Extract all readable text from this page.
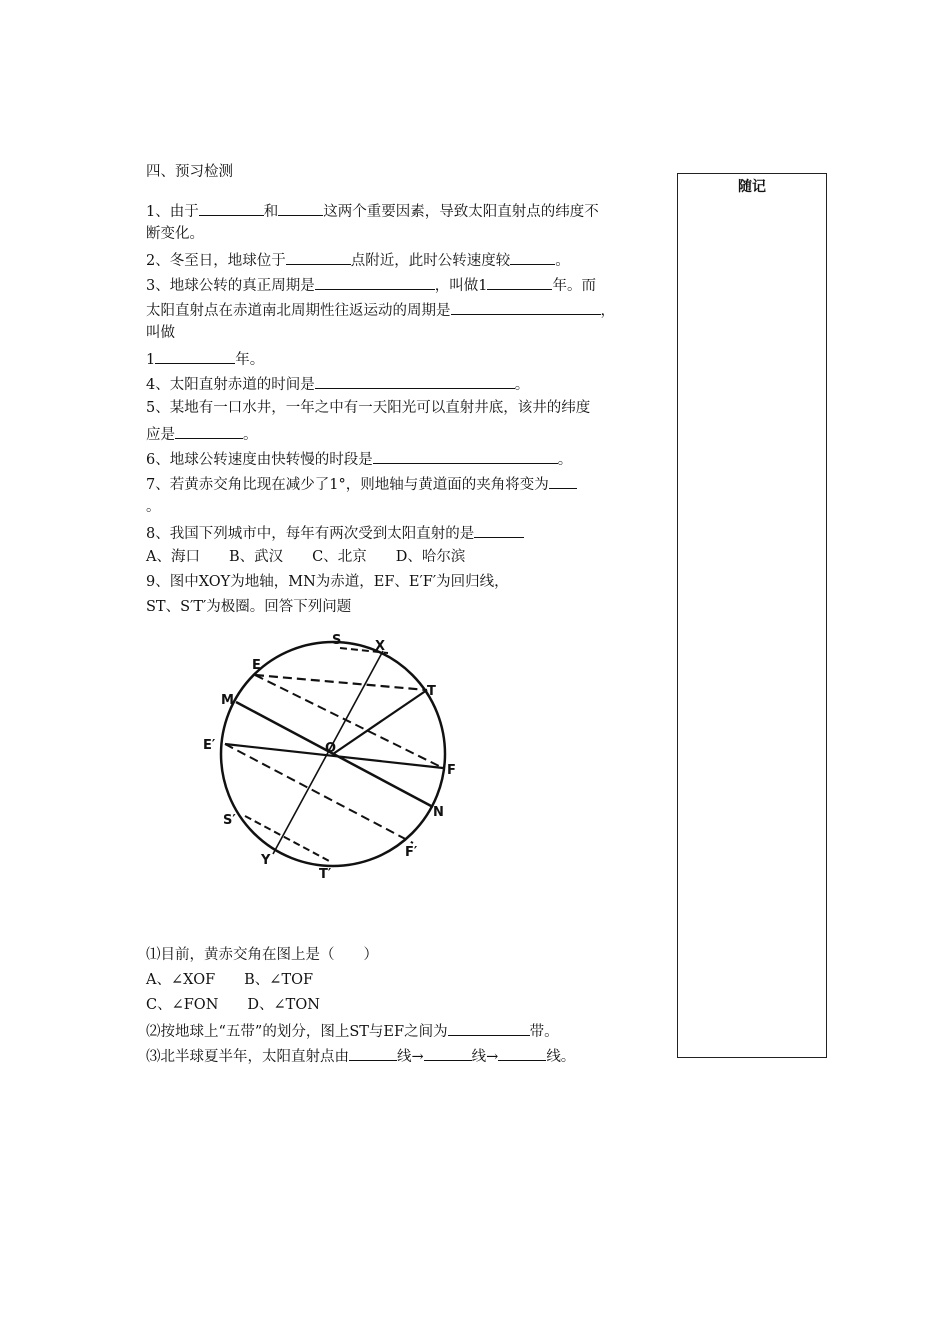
四、预习检测
随记
1、由于	和	这两个重要因素，导致太阳直射点的纬度不
断变化。
2、冬至日，地球位于	点附近，此时公转速度较	。
3、地球公转的真正周期是	，叫做1	年。而
太阳直射点在赤道南北周期性往返运动的周期是	，
叫做
1	年。
4、太阳直射赤道的时间是	。
5、某地有一口水井，一年之中有一天阳光可以直射井底，该井的纬度
应是	。
6、地球公转速度由快转慢的时段是	。
7、若黄赤交角比现在减少了1°，则地轴与黄道面的夹角将变为
。
8、我国下列城市中，每年有两次受到太阳直射的是
A、海口　　B、武汉　　C、北京　　D、哈尔滨
9、图中XOY为地轴，MN为赤道，EF、E′F′为回归线，
ST、S′T′为极圈。回答下列问题
S	X
E
T
M
O
E′
F
N
S′
F′
Y
T′
⑴目前，黄赤交角在图上是（　　）
A、∠XOF　　B、∠TOF
C、∠FON　　D、∠TON
⑵按地球上“五带”的划分，图上ST与EF之间为	带。
⑶北半球夏半年，太阳直射点由	线→	线→	线。
